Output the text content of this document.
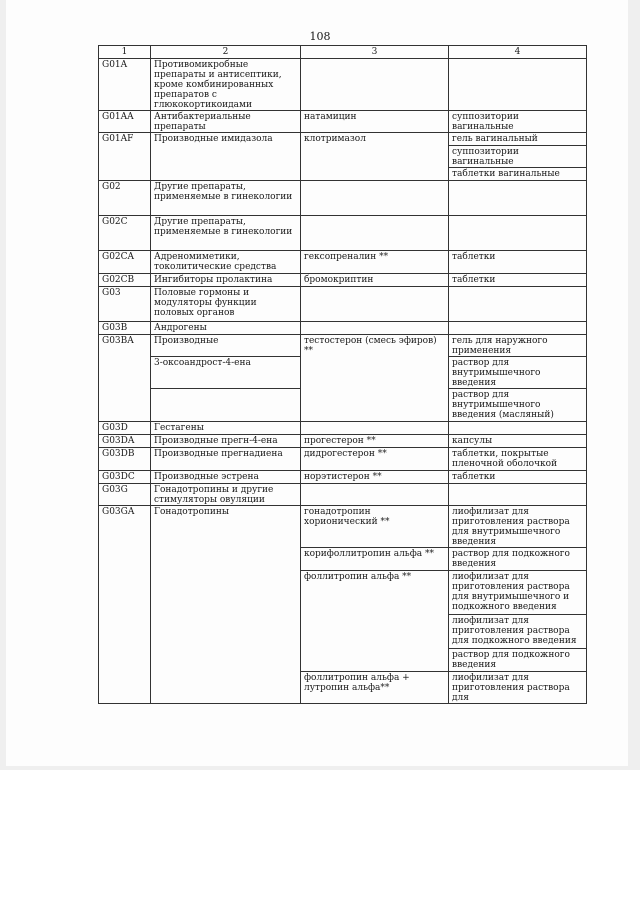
108
1	2	3	4
G01A	Противомикробные препараты и антисептики, кроме комбинированных препаратов с глюкокортикоидами		
G01AA	Антибактериальные препараты	натамицин	суппозитории вагинальные
G01AF	Производные имидазола	клотримазол	гель вагинальный
			суппозитории вагинальные
			таблетки вагинальные
G02	Другие препараты, применяемые в гинекологии		
G02C	Другие препараты, применяемые в гинекологии		
G02CA	Адреномиметики, токолитические средства	гексопреналин **	таблетки
G02CB	Ингибиторы пролактина	бромокриптин	таблетки
G03	Половые гормоны и модуляторы функции половых органов		
G03B	Андрогены		
G03BA	Производные	тестостерон (смесь эфиров) **	гель для наружного применения
	3-оксоандрост-4-ена		раствор для внутримышечного введения
			раствор для внутримышечного введения (масляный)
G03D	Гестагены		
G03DA	Производные прегн-4-ена	прогестерон **	капсулы
G03DB	Производные прегнадиена	дидрогестерон **	таблетки, покрытые пленочной оболочкой
G03DC	Производные эстрена	норэтистерон **	таблетки
G03G	Гонадотропины и другие стимуляторы овуляции		
G03GA	Гонадотропины	гонадотропин хорионический **	лиофилизат для приготовления раствора для внутримышечного введения
		корифоллитропин альфа **	раствор для подкожного введения
		фоллитропин альфа **	лиофилизат для приготовления раствора для внутримышечного и подкожного введения
			лиофилизат для приготовления раствора для подкожного введения
			раствор для подкожного введения
		фоллитропин альфа + лутропин альфа**	лиофилизат для приготовления раствора для
